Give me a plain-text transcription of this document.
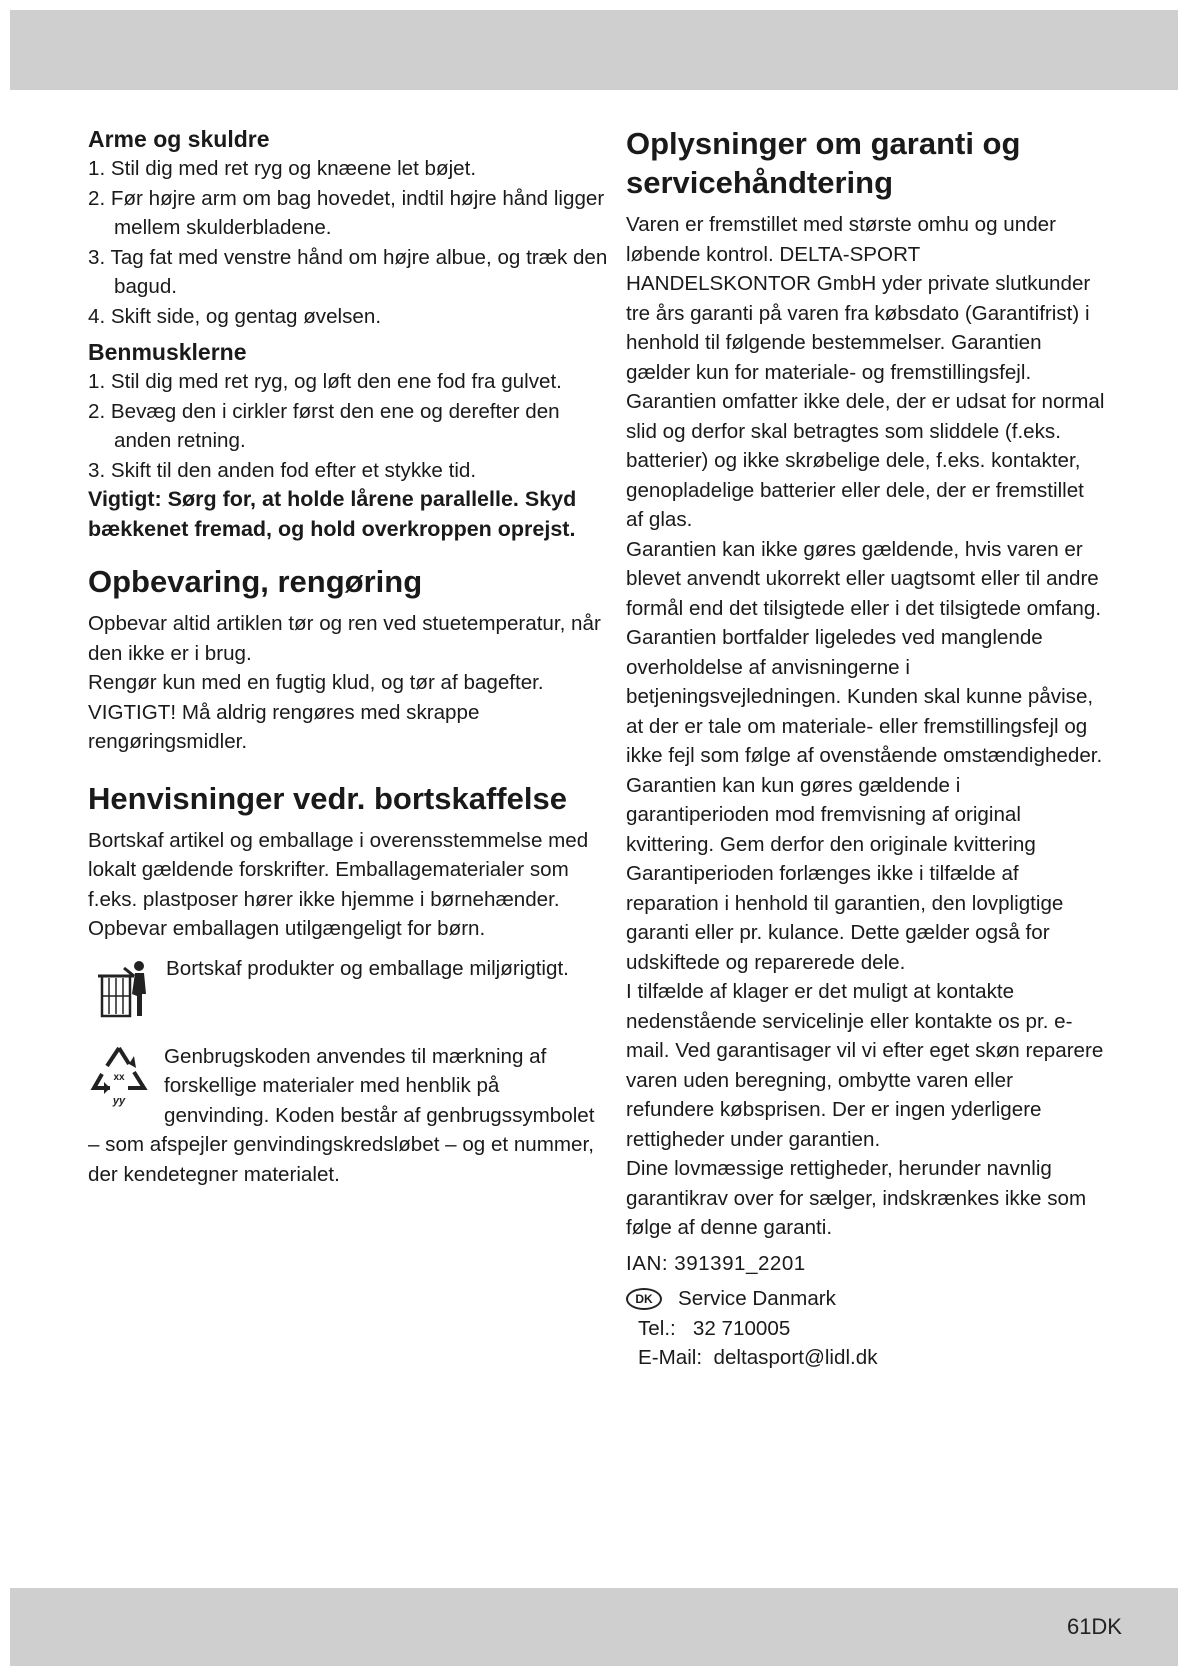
Arme og skuldre
1. Stil dig med ret ryg og knæene let bøjet.
2. Før højre arm om bag hovedet, indtil højre hånd ligger mellem skulderbladene.
3. Tag fat med venstre hånd om højre albue, og træk den bagud.
4. Skift side, og gentag øvelsen.
Benmusklerne
1. Stil dig med ret ryg, og løft den ene fod fra gulvet.
2. Bevæg den i cirkler først den ene og derefter den anden retning.
3. Skift til den anden fod efter et stykke tid.

Vigtigt: Sørg for, at holde lårene parallelle. Skyd bækkenet fremad, og hold overkroppen oprejst.

Opbevaring, rengøring

Opbevar altid artiklen tør og ren ved stuetemperatur, når den ikke er i brug.

Rengør kun med en fugtig klud, og tør af bagefter.

VIGTIGT! Må aldrig rengøres med skrappe rengøringsmidler.

Henvisninger vedr. bortskaffelse

Bortskaf artikel og emballage i overensstemmelse med lokalt gældende forskrifter. Emballagematerialer som f.eks. plastposer hører ikke hjemme i børnehænder. Opbevar emballagen utilgængeligt for børn.

Bortskaf produkter og emballage miljørigtigt.

xx
yy

Genbrugskoden anvendes til mærkning af forskellige materialer med henblik på genvinding. Koden består af genbrugssymbolet – som afspejler genvindingskredsløbet – og et nummer, der kendetegner materialet.

Oplysninger om garanti og servicehåndtering

Varen er fremstillet med største omhu og under løbende kontrol. DELTA-SPORT HANDELSKONTOR GmbH yder private slutkunder tre års garanti på varen fra købsdato (Garantifrist) i henhold til følgende bestemmelser. Garantien gælder kun for materiale- og fremstillingsfejl. Garantien omfatter ikke dele, der er udsat for normal slid og derfor skal betragtes som sliddele (f.eks. batterier) og ikke skrøbelige dele, f.eks. kontakter, genopladelige batterier eller dele, der er fremstillet af glas.

Garantien kan ikke gøres gældende, hvis varen er blevet anvendt ukorrekt eller uagtsomt eller til andre formål end det tilsigtede eller i det tilsigtede omfang. Garantien bortfalder ligeledes ved manglende overholdelse af anvisningerne i betjeningsvejledningen. Kunden skal kunne påvise, at der er tale om materiale- eller fremstillingsfejl og ikke fejl som følge af ovenstående omstændigheder.

Garantien kan kun gøres gældende i garantiperioden mod fremvisning af original kvittering. Gem derfor den originale kvittering Garantiperioden forlænges ikke i tilfælde af reparation i henhold til garantien, den lovpligtige garanti eller pr. kulance. Dette gælder også for udskiftede og reparerede dele.

I tilfælde af klager er det muligt at kontakte nedenstående servicelinje eller kontakte os pr. e-mail. Ved garantisager vil vi efter eget skøn reparere varen uden beregning, ombytte varen eller refundere købsprisen. Der er ingen yderligere rettigheder under garantien.

Dine lovmæssige rettigheder, herunder navnlig garantikrav over for sælger, indskrænkes ikke som følge af denne garanti.

IAN: 391391_2201

DK	Service Danmark

Tel.:   32 710005

E-Mail:  deltasport@lidl.dk

61DK
